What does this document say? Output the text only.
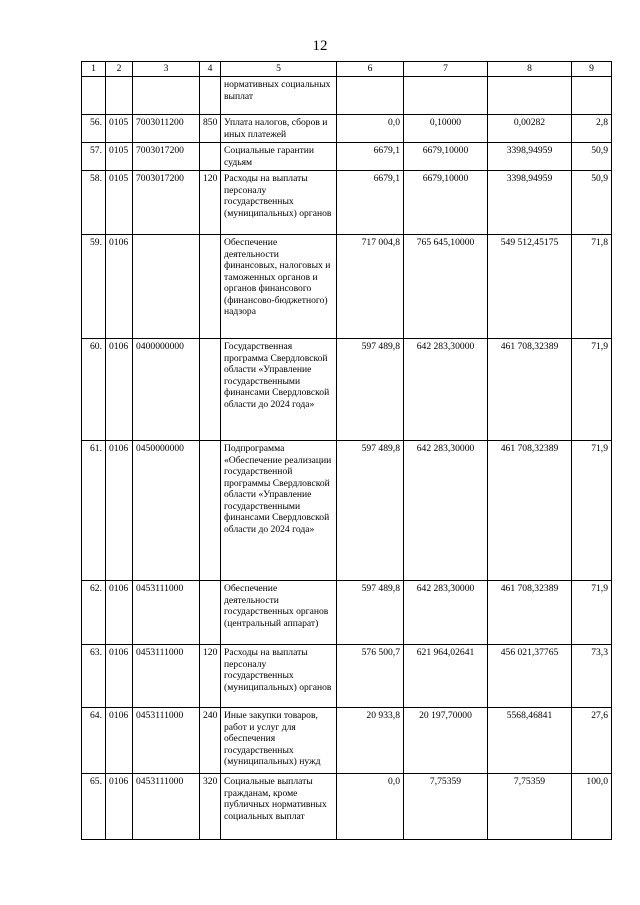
12
1	2	3	4	5	6	7	8	9
				нормативных социальных выплат				
56.	0105	7003011200	850	Уплата налогов, сборов и иных платежей	0,0	0,10000	0,00282	2,8
57.	0105	7003017200		Социальные гарантии судьям	6679,1	6679,10000	3398,94959	50,9
58.	0105	7003017200	120	Расходы на выплаты персоналу государственных (муниципальных) органов	6679,1	6679,10000	3398,94959	50,9
59.	0106			Обеспечение деятельности финансовых, налоговых и таможенных органов и органов финансового (финансово-бюджетного) надзора	717 004,8	765 645,10000	549 512,45175	71,8
60.	0106	0400000000		Государственная программа Свердловской области «Управление государственными финансами Свердловской области до 2024 года»	597 489,8	642 283,30000	461 708,32389	71,9
61.	0106	0450000000		Подпрограмма «Обеспечение реализации государственной программы Свердловской области «Управление государственными финансами Свердловской области до 2024 года»	597 489,8	642 283,30000	461 708,32389	71,9
62.	0106	0453111000		Обеспечение деятельности государственных органов (центральный аппарат)	597 489,8	642 283,30000	461 708,32389	71,9
63.	0106	0453111000	120	Расходы на выплаты персоналу государственных (муниципальных) органов	576 500,7	621 964,02641	456 021,37765	73,3
64.	0106	0453111000	240	Иные закупки товаров, работ и услуг для обеспечения государственных (муниципальных) нужд	20 933,8	20 197,70000	5568,46841	27,6
65.	0106	0453111000	320	Социальные выплаты гражданам, кроме публичных нормативных социальных выплат	0,0	7,75359	7,75359	100,0
